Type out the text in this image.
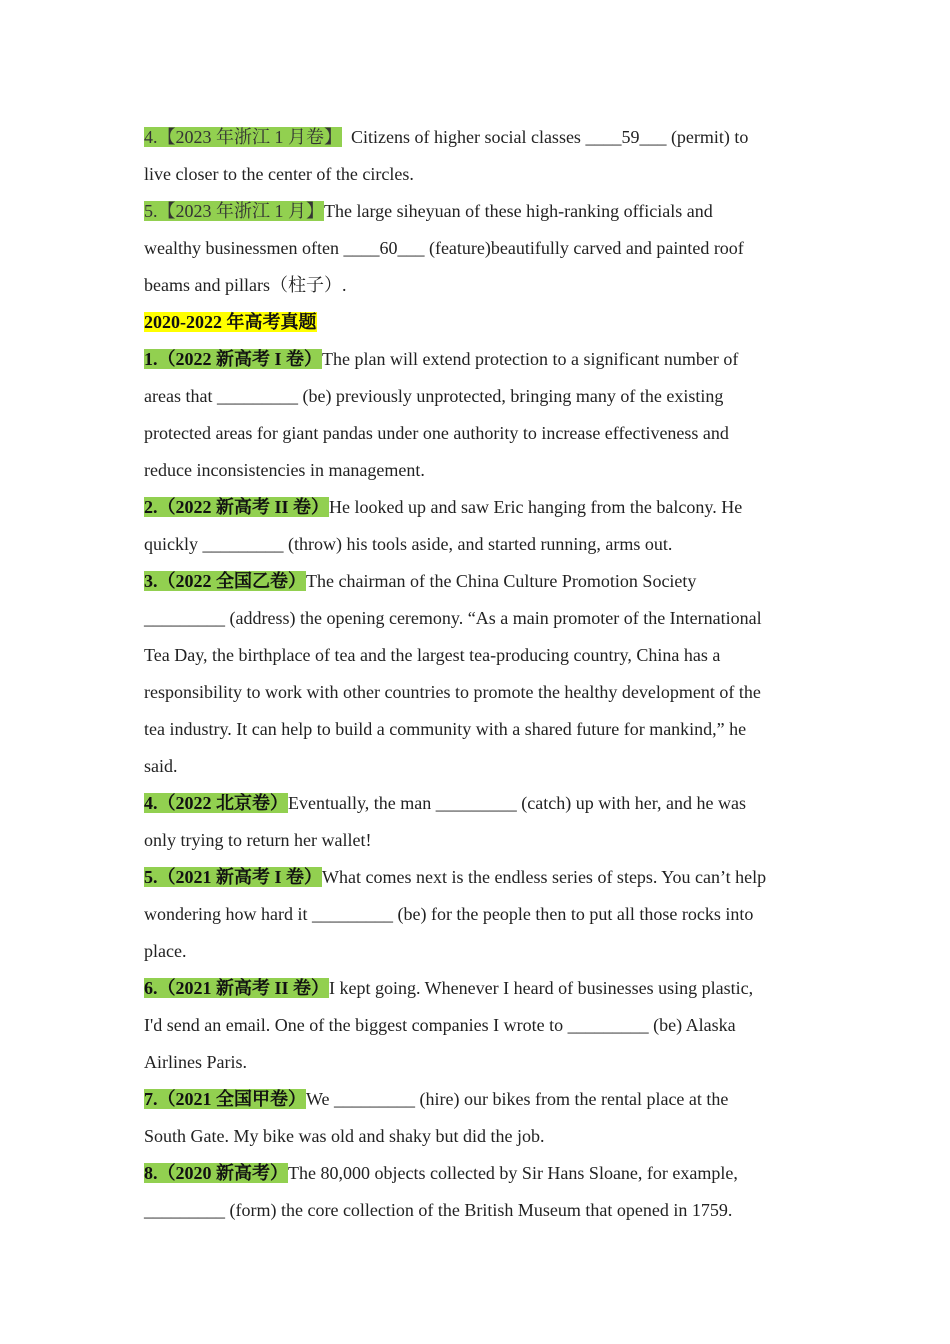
4.【2023 年浙江 1 月卷】 Citizens of higher social classes ____59___ (permit) to
live closer to the center of the circles.
5.【2023 年浙江 1 月】The large siheyuan of these high-ranking officials and
wealthy businessmen often ____60___ (feature)beautifully carved and painted roof
beams and pillars（柱子）.
2020-2022 年高考真题
1.（2022 新高考 I 卷）The plan will extend protection to a significant number of
areas that _________ (be) previously unprotected, bringing many of the existing
protected areas for giant pandas under one authority to increase effectiveness and
reduce inconsistencies in management.
2.（2022 新高考 II 卷）He looked up and saw Eric hanging from the balcony. He
quickly _________ (throw) his tools aside, and started running, arms out.
3.（2022 全国乙卷）The chairman of the China Culture Promotion Society
_________ (address) the opening ceremony. “As a main promoter of the International
Tea Day, the birthplace of tea and the largest tea-producing country, China has a
responsibility to work with other countries to promote the healthy development of the
tea industry. It can help to build a community with a shared future for mankind,” he
said.
4.（2022 北京卷）Eventually, the man _________ (catch) up with her, and he was
only trying to return her wallet!
5.（2021 新高考 I 卷）What comes next is the endless series of steps. You can’t help
wondering how hard it _________ (be) for the people then to put all those rocks into
place.
6.（2021 新高考 II 卷）I kept going. Whenever I heard of businesses using plastic,
I'd send an email. One of the biggest companies I wrote to _________ (be) Alaska
Airlines Paris.
7.（2021 全国甲卷）We _________ (hire) our bikes from the rental place at the
South Gate. My bike was old and shaky but did the job.
8.（2020 新高考）The 80,000 objects collected by Sir Hans Sloane, for example,
_________ (form) the core collection of the British Museum that opened in 1759.
